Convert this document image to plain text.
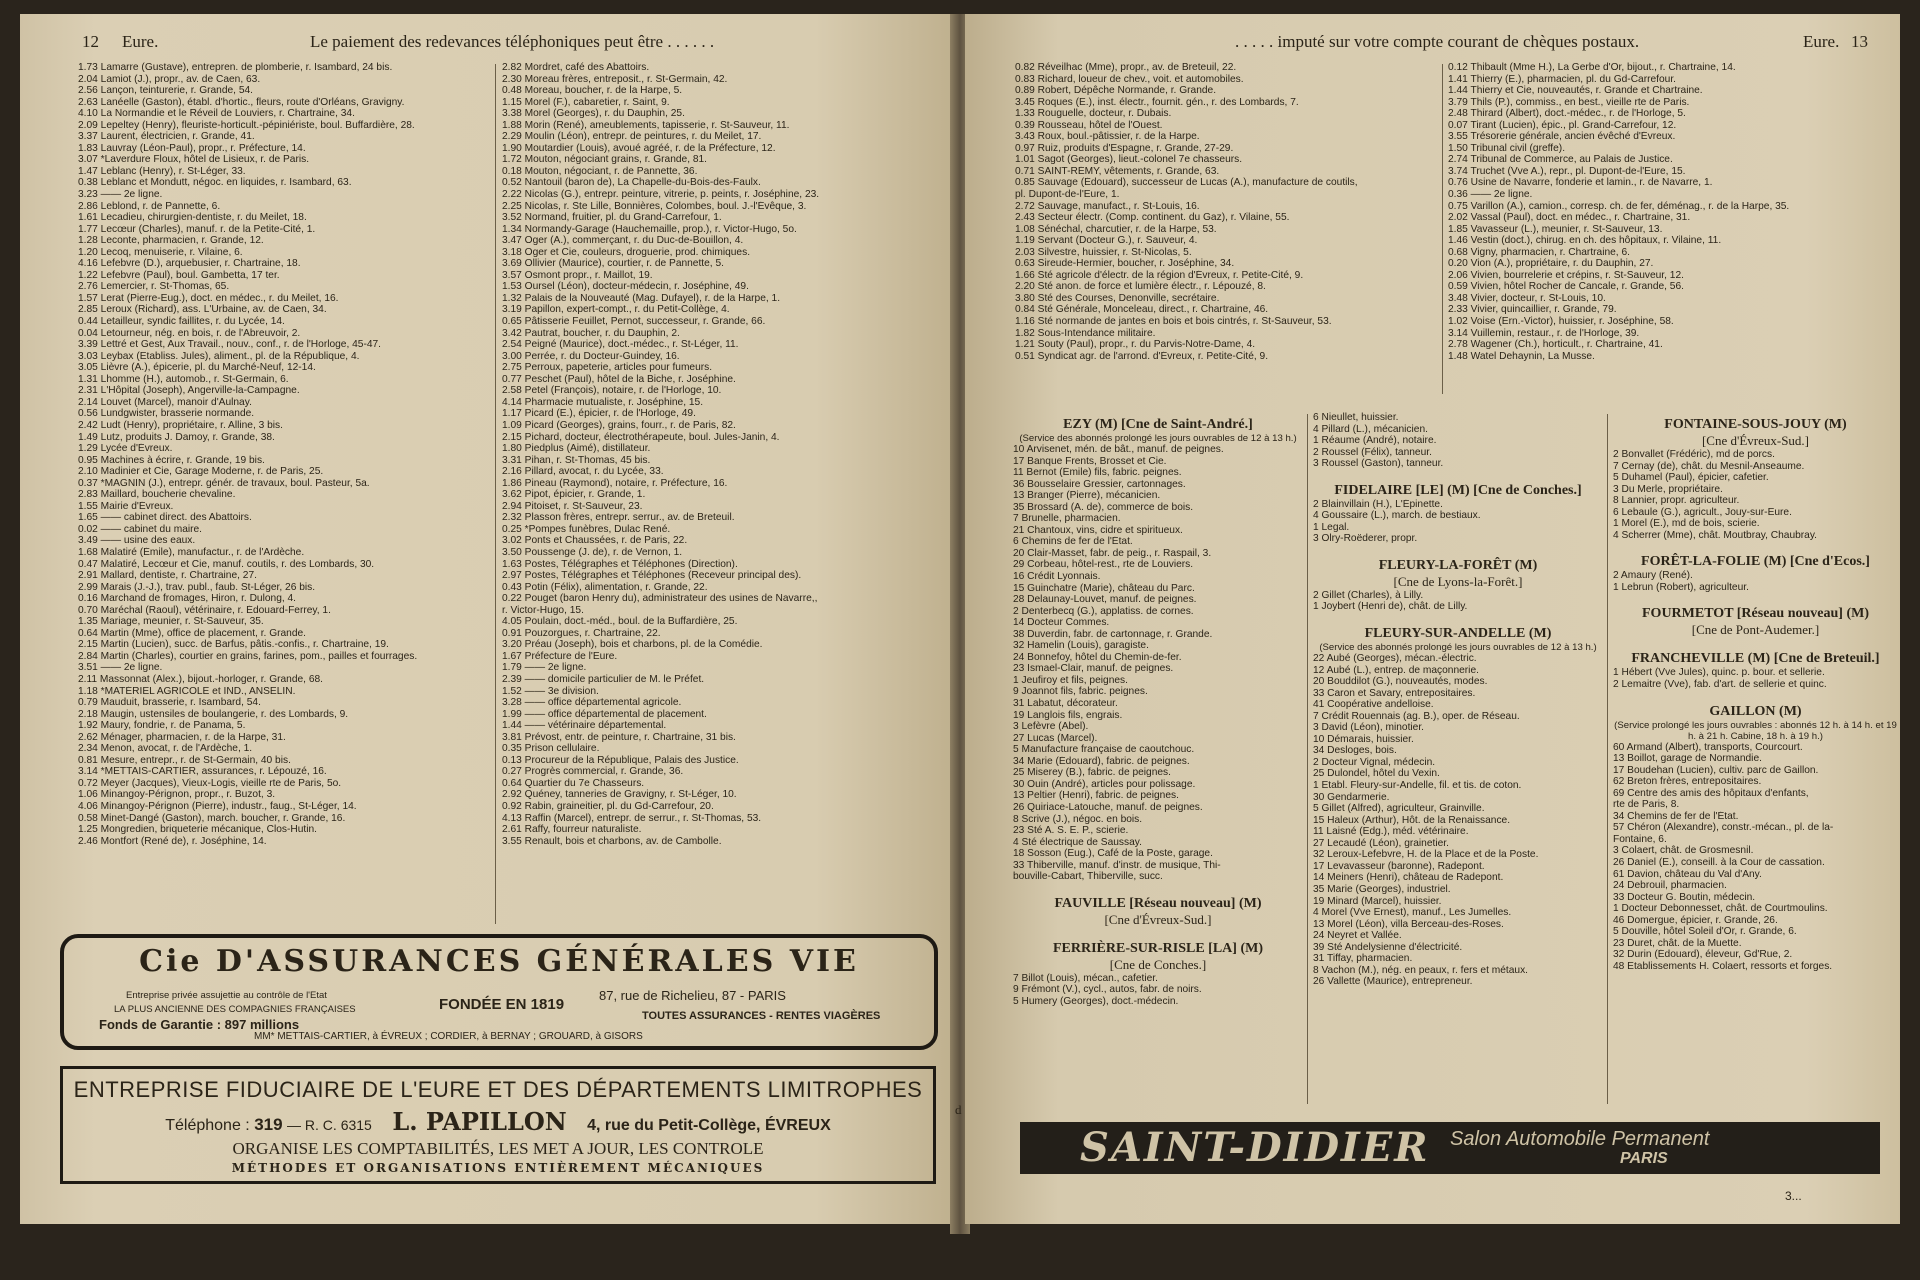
12 Eure.	Le paiement des redevances téléphoniques peut être . . . . . .
1.73 Lamarre (Gustave), entrepren. de plomberie, r. Isambard, 24 bis.
2.04 Lamiot (J.), propr., av. de Caen, 63.
2.56 Lançon, teinturerie, r. Grande, 54.
2.63 Lanéelle (Gaston), établ. d'hortic., fleurs, route d'Orléans, Gravigny.
4.10 La Normandie et le Réveil de Louviers, r. Chartraine, 34.
2.09 Lepeltey (Henry), fleuriste-horticult.-pépiniériste, boul. Buffardière, 28.
3.37 Laurent, électricien, r. Grande, 41.
1.83 Lauvray (Léon-Paul), propr., r. Préfecture, 14.
3.07 *Laverdure Floux, hôtel de Lisieux, r. de Paris.
1.47 Leblanc (Henry), r. St-Léger, 33.
0.38 Leblanc et Mondutt, négoc. en liquides, r. Isambard, 63.
3.23 —— 2e ligne.
2.86 Leblond, r. de Pannette, 6.
1.61 Lecadieu, chirurgien-dentiste, r. du Meilet, 18.
1.77 Lecœur (Charles), manuf. r. de la Petite-Cité, 1.
1.28 Leconte, pharmacien, r. Grande, 12.
1.20 Lecoq, menuiserie, r. Vilaine, 6.
4.16 Lefebvre (D.), arquebusier, r. Chartraine, 18.
1.22 Lefebvre (Paul), boul. Gambetta, 17 ter.
2.76 Lemercier, r. St-Thomas, 65.
1.57 Lerat (Pierre-Eug.), doct. en médec., r. du Meilet, 16.
2.85 Leroux (Richard), ass. L'Urbaine, av. de Caen, 34.
0.44 Letailleur, syndic faillites, r. du Lycée, 14.
0.04 Letourneur, nég. en bois, r. de l'Abreuvoir, 2.
3.39 Lettré et Gest, Aux Travail., nouv., conf., r. de l'Horloge, 45-47.
3.03 Leybax (Etabliss. Jules), aliment., pl. de la République, 4.
3.05 Lièvre (A.), épicerie, pl. du Marché-Neuf, 12-14.
1.31 Lhomme (H.), automob., r. St-Germain, 6.
2.31 L'Hôpital (Joseph), Angerville-la-Campagne.
2.14 Louvet (Marcel), manoir d'Aulnay.
0.56 Lundgwister, brasserie normande.
2.42 Ludt (Henry), propriétaire, r. Alline, 3 bis.
1.49 Lutz, produits J. Damoy, r. Grande, 38.
1.29 Lycée d'Évreux.
0.95 Machines à écrire, r. Grande, 19 bis.
2.10 Madinier et Cie, Garage Moderne, r. de Paris, 25.
0.37 *MAGNIN (J.), entrepr. génér. de travaux, boul. Pasteur, 5a.
2.83 Maillard, boucherie chevaline.
1.55 Mairie d'Évreux.
1.65 —— cabinet direct. des Abattoirs.
0.02 —— cabinet du maire.
3.49 —— usine des eaux.
1.68 Malatiré (Émile), manufactur., r. de l'Ardèche.
0.47 Malatiré, Lecœur et Cie, manuf. coutils, r. des Lombards, 30.
2.91 Mallard, dentiste, r. Chartraine, 27.
2.99 Marais (J.-J.), trav. publ., faub. St-Léger, 26 bis.
0.16 Marchand de fromages, Hiron, r. Dulong, 4.
0.70 Maréchal (Raoul), vétérinaire, r. Édouard-Ferrey, 1.
1.35 Mariage, meunier, r. St-Sauveur, 35.
0.64 Martin (Mme), office de placement, r. Grande.
2.15 Martin (Lucien), succ. de Barfus, pâtis.-confis., r. Chartraine, 19.
2.84 Martin (Charles), courtier en grains, farines, pom., pailles et fourrages.
3.51 —— 2e ligne.
2.11 Massonnat (Alex.), bijout.-horloger, r. Grande, 68.
1.18 *MATÉRIEL AGRICOLE et IND., ANSELIN.
0.79 Mauduit, brasserie, r. Isambard, 54.
2.18 Maugin, ustensiles de boulangerie, r. des Lombards, 9.
1.92 Maury, fondrie, r. de Panama, 5.
2.62 Ménager, pharmacien, r. de la Harpe, 31.
2.34 Menon, avocat, r. de l'Ardèche, 1.
0.81 Mesure, entrepr., r. de St-Germain, 40 bis.
3.14 *METTAIS-CARTIER, assurances, r. Lépouzé, 16.
0.72 Meyer (Jacques), Vieux-Logis, vieille rte de Paris, 5o.
1.06 Minangoy-Pérignon, propr., r. Buzot, 3.
4.06 Minangoy-Pérignon (Pierre), industr., faug., St-Léger, 14.
0.58 Minet-Dangé (Gaston), march. boucher, r. Grande, 16.
1.25 Mongredien, briqueterie mécanique, Clos-Hutin.
2.46 Montfort (René de), r. Joséphine, 14.
2.82 Mordret, café des Abattoirs.
2.30 Moreau frères, entreposit., r. St-Germain, 42.
0.48 Moreau, boucher, r. de la Harpe, 5.
1.15 Morel (F.), cabaretier, r. Saint, 9.
3.38 Morel (Georges), r. du Dauphin, 25.
1.88 Morin (René), ameublements, tapisserie, r. St-Sauveur, 11.
2.29 Moulin (Léon), entrepr. de peintures, r. du Meilet, 17.
1.90 Moutardier (Louis), avoué agréé, r. de la Préfecture, 12.
1.72 Mouton, négociant grains, r. Grande, 81.
0.18 Mouton, négociant, r. de Pannette, 36.
0.52 Nantouil (baron de), La Chapelle-du-Bois-des-Faulx.
2.22 Nicolas (G.), entrepr. peinture, vitrerie, p. peints, r. Joséphine, 23.
2.25 Nicolas, r. Ste Lille, Bonnières, Colombes, boul. J.-l'Évêque, 3.
3.52 Normand, fruitier, pl. du Grand-Carrefour, 1.
1.34 Normandy-Garage (Hauchemaille, prop.), r. Victor-Hugo, 5o.
3.47 Oger (A.), commerçant, r. du Duc-de-Bouillon, 4.
3.18 Oger et Cie, couleurs, droguerie, prod. chimiques.
3.69 Ollivier (Maurice), courtier, r. de Pannette, 5.
3.57 Osmont propr., r. Maillot, 19.
1.53 Oursel (Léon), docteur-médecin, r. Joséphine, 49.
1.32 Palais de la Nouveauté (Mag. Dufayel), r. de la Harpe, 1.
3.19 Papillon, expert-compt., r. du Petit-Collège, 4.
0.65 Pâtisserie Feuillet, Pernot, successeur, r. Grande, 66.
3.42 Pautrat, boucher, r. du Dauphin, 2.
2.54 Peigné (Maurice), doct.-médec., r. St-Léger, 11.
3.00 Perrée, r. du Docteur-Guindey, 16.
2.75 Perroux, papeterie, articles pour fumeurs.
0.77 Peschet (Paul), hôtel de la Biche, r. Joséphine.
2.58 Petel (François), notaire, r. de l'Horloge, 10.
4.14 Pharmacie mutualiste, r. Joséphine, 15.
1.17 Picard (E.), épicier, r. de l'Horloge, 49.
1.09 Picard (Georges), grains, fourr., r. de Paris, 82.
2.15 Pichard, docteur, électrothérapeute, boul. Jules-Janin, 4.
1.80 Piedplus (Aimé), distillateur.
3.31 Pihan, r. St-Thomas, 45 bis.
2.16 Pillard, avocat, r. du Lycée, 33.
1.86 Pineau (Raymond), notaire, r. Préfecture, 16.
3.62 Pipot, épicier, r. Grande, 1.
2.94 Pitoiset, r. St-Sauveur, 23.
2.32 Plasson frères, entrepr. serrur., av. de Breteuil.
0.25 *Pompes funèbres, Dulac René.
3.02 Ponts et Chaussées, r. de Paris, 22.
3.50 Poussenge (J. de), r. de Vernon, 1.
1.63 Postes, Télégraphes et Téléphones (Direction).
2.97 Postes, Télégraphes et Téléphones (Receveur principal des).
0.43 Potin (Félix), alimentation, r. Grande, 22.
0.22 Pouget (baron Henry du), administrateur des usines de Navarre,,
r. Victor-Hugo, 15.
4.05 Poulain, doct.-méd., boul. de la Buffardière, 25.
0.91 Pouzorgues, r. Chartraine, 22.
3.20 Préau (Joseph), bois et charbons, pl. de la Comédie.
1.67 Préfecture de l'Eure.
1.79 —— 2e ligne.
2.39 —— domicile particulier de M. le Préfet.
1.52 —— 3e division.
3.28 —— office départemental agricole.
1.99 —— office départemental de placement.
1.44 —— vétérinaire départemental.
3.81 Prévost, entr. de peinture, r. Chartraine, 31 bis.
0.35 Prison cellulaire.
0.13 Procureur de la République, Palais des Justice.
0.27 Progrès commercial, r. Grande, 36.
0.64 Quartier du 7e Chasseurs.
2.92 Quéney, tanneries de Gravigny, r. St-Léger, 10.
0.92 Rabin, graineitier, pl. du Gd-Carrefour, 20.
4.13 Raffin (Marcel), entrepr. de serrur., r. St-Thomas, 53.
2.61 Raffy, fourreur naturaliste.
3.55 Renault, bois et charbons, av. de Cambolle.
Cie D'ASSURANCES GÉNÉRALES VIE
Entreprise privée assujettie au contrôle de l'Etat
LA PLUS ANCIENNE DES COMPAGNIES FRANÇAISES
Fonds de Garantie : 897 millions
FONDÉE EN 1819
87, rue de Richelieu, 87 - PARIS
TOUTES ASSURANCES - RENTES VIAGÈRES
MM* METTAIS-CARTIER, à ÉVREUX ; CORDIER, à BERNAY ; GROUARD, à GISORS
ENTREPRISE FIDUCIAIRE DE L'EURE ET DES DÉPARTEMENTS LIMITROPHES
Téléphone : 319 — R. C. 6315 L. PAPILLON 4, rue du Petit-Collège, ÉVREUX
ORGANISE LES COMPTABILITÉS, LES MET A JOUR, LES CONTROLE
MÉTHODES ET ORGANISATIONS ENTIÈREMENT MÉCANIQUES
d
. . . . . imputé sur votre compte courant de chèques postaux.	Eure. 13
0.82 Réveilhac (Mme), propr., av. de Breteuil, 22.
0.83 Richard, loueur de chev., voit. et automobiles.
0.89 Robert, Dépêche Normande, r. Grande.
3.45 Roques (E.), inst. électr., fournit. gén., r. des Lombards, 7.
1.33 Rouguelle, docteur, r. Dubais.
0.39 Rousseau, hôtel de l'Ouest.
3.43 Roux, boul.-pâtissier, r. de la Harpe.
0.97 Ruiz, produits d'Espagne, r. Grande, 27-29.
1.01 Sagot (Georges), lieut.-colonel 7e chasseurs.
0.71 SAINT-RÉMY, vêtements, r. Grande, 63.
0.85 Sauvage (Édouard), successeur de Lucas (A.), manufacture de coutils,
pl. Dupont-de-l'Eure, 1.
2.72 Sauvage, manufact., r. St-Louis, 16.
2.43 Secteur électr. (Comp. continent. du Gaz), r. Vilaine, 55.
1.08 Sénéchal, charcutier, r. de la Harpe, 53.
1.19 Servant (Docteur G.), r. Sauveur, 4.
2.03 Silvestre, huissier, r. St-Nicolas, 5.
0.63 Sireude-Hermier, boucher, r. Joséphine, 34.
1.66 Sté agricole d'électr. de la région d'Évreux, r. Petite-Cité, 9.
2.20 Sté anon. de force et lumière électr., r. Lépouzé, 8.
3.80 Sté des Courses, Denonville, secrétaire.
0.84 Sté Générale, Monceleau, direct., r. Chartraine, 46.
1.16 Sté normande de jantes en bois et bois cintrés, r. St-Sauveur, 53.
1.82 Sous-Intendance militaire.
1.21 Souty (Paul), propr., r. du Parvis-Notre-Dame, 4.
0.51 Syndicat agr. de l'arrond. d'Évreux, r. Petite-Cité, 9.
0.12 Thibault (Mme H.), La Gerbe d'Or, bijout., r. Chartraine, 14.
1.41 Thierry (E.), pharmacien, pl. du Gd-Carrefour.
1.44 Thierry et Cie, nouveautés, r. Grande et Chartraine.
3.79 Thils (P.), commiss., en best., vieille rte de Paris.
2.48 Thirard (Albert), doct.-médec., r. de l'Horloge, 5.
0.07 Tirant (Lucien), épic., pl. Grand-Carrefour, 12.
3.55 Trésorerie générale, ancien évêché d'Évreux.
1.50 Tribunal civil (greffe).
2.74 Tribunal de Commerce, au Palais de Justice.
3.74 Truchet (Vve A.), repr., pl. Dupont-de-l'Eure, 15.
0.76 Usine de Navarre, fonderie et lamin., r. de Navarre, 1.
0.36 —— 2e ligne.
0.75 Varillon (A.), camion., corresp. ch. de fer, déménag., r. de la Harpe, 35.
2.02 Vassal (Paul), doct. en médec., r. Chartraine, 31.
1.85 Vavasseur (L.), meunier, r. St-Sauveur, 13.
1.46 Vestin (doct.), chirug. en ch. des hôpitaux, r. Vilaine, 11.
0.68 Vigny, pharmacien, r. Chartraine, 6.
0.20 Vion (A.), propriétaire, r. du Dauphin, 27.
2.06 Vivien, bourrelerie et crépins, r. St-Sauveur, 12.
0.59 Vivien, hôtel Rocher de Cancale, r. Grande, 56.
3.48 Vivier, docteur, r. St-Louis, 10.
2.33 Vivier, quincaillier, r. Grande, 79.
1.02 Voise (Ern.-Victor), huissier, r. Joséphine, 58.
3.14 Vuillemin, restaur., r. de l'Horloge, 39.
2.78 Wagener (Ch.), horticult., r. Chartraine, 41.
1.48 Watel Dehaynin, La Musse.
EZY (M) [Cne de Saint-André.]
(Service des abonnés prolongé les jours ouvrables de 12 à 13 h.)
10 Arvisenet, mén. de bât., manuf. de peignes.
17 Banque Frents, Brosset et Cie.
11 Bernot (Émile) fils, fabric. peignes.
36 Bousselaire Gressier, cartonnages.
13 Branger (Pierre), mécanicien.
35 Brossard (A. de), commerce de bois.
7 Brunelle, pharmacien.
21 Chantoux, vins, cidre et spiritueux.
6 Chemins de fer de l'État.
20 Clair-Masset, fabr. de peig., r. Raspail, 3.
29 Corbeau, hôtel-rest., rte de Louviers.
16 Crédit Lyonnais.
15 Guinchatre (Marie), château du Parc.
28 Delaunay-Louvet, manuf. de peignes.
2 Denterbecq (G.), applatiss. de cornes.
14 Docteur Commes.
38 Duverdin, fabr. de cartonnage, r. Grande.
32 Hamelin (Louis), garagiste.
24 Bonnefoy, hôtel du Chemin-de-fer.
23 Ismael-Clair, manuf. de peignes.
1 Jeufiroy et fils, peignes.
9 Joannot fils, fabric. peignes.
31 Labatut, décorateur.
19 Langlois fils, engrais.
3 Lefèvre (Abel).
27 Lucas (Marcel).
5 Manufacture française de caoutchouc.
34 Marie (Édouard), fabric. de peignes.
25 Miserey (B.), fabric. de peignes.
30 Ouin (André), articles pour polissage.
13 Peltier (Henri), fabric. de peignes.
26 Quiriace-Latouche, manuf. de peignes.
8 Scrive (J.), négoc. en bois.
23 Sté A. S. E. P., scierie.
4 Sté électrique de Saussay.
18 Sosson (Eug.), Café de la Poste, garage.
33 Thiberville, manuf. d'instr. de musique, Thi-
bouville-Cabart, Thiberville, succ.
FAUVILLE [Réseau nouveau] (M)
[Cne d'Évreux-Sud.]
FERRIÈRE-SUR-RISLE [LA] (M)
[Cne de Conches.]
7 Billot (Louis), mécan., cafetier.
9 Frémont (V.), cycl., autos, fabr. de noirs.
5 Humery (Georges), doct.-médecin.
6 Nieullet, huissier.
4 Pillard (L.), mécanicien.
1 Réaume (André), notaire.
2 Roussel (Félix), tanneur.
3 Roussel (Gaston), tanneur.
FIDELAIRE [LE] (M) [Cne de Conches.]
2 Blainvillain (H.), L'Épinette.
4 Goussaire (L.), march. de bestiaux.
1 Legal.
3 Olry-Roëderer, propr.
FLEURY-LA-FORÊT (M)
[Cne de Lyons-la-Forêt.]
2 Gillet (Charles), à Lilly.
1 Joybert (Henri de), chât. de Lilly.
FLEURY-SUR-ANDELLE (M)
(Service des abonnés prolongé les jours ouvrables de 12 à 13 h.)
22 Aubé (Georges), mécan.-électric.
12 Aubé (L.), entrep. de maçonnerie.
20 Bouddilot (G.), nouveautés, modes.
33 Caron et Savary, entrepositaires.
41 Coopérative andelloise.
7 Crédit Rouennais (ag. B.), oper. de Réseau.
3 David (Léon), minotier.
10 Démarais, huissier.
34 Desloges, bois.
2 Docteur Vignal, médecin.
25 Dulondel, hôtel du Vexin.
1 Etabl. Fleury-sur-Andelle, fil. et tis. de coton.
30 Gendarmerie.
5 Gillet (Alfred), agriculteur, Grainville.
15 Haleux (Arthur), Hôt. de la Renaissance.
11 Laisné (Edg.), méd. vétérinaire.
27 Lecaudé (Léon), grainetier.
32 Leroux-Lefebvre, H. de la Place et de la Poste.
17 Levavasseur (baronne), Radepont.
14 Meiners (Henri), château de Radepont.
35 Marie (Georges), industriel.
19 Minard (Marcel), huissier.
4 Morel (Vve Ernest), manuf., Les Jumelles.
13 Morel (Léon), villa Berceau-des-Roses.
24 Neyret et Vallée.
39 Sté Andelysienne d'électricité.
31 Tiffay, pharmacien.
8 Vachon (M.), nég. en peaux, r. fers et métaux.
26 Vallette (Maurice), entrepreneur.
FONTAINE-SOUS-JOUY (M)
[Cne d'Évreux-Sud.]
2 Bonvallet (Frédéric), md de porcs.
7 Cernay (de), chât. du Mesnil-Anseaume.
5 Duhamel (Paul), épicier, cafetier.
3 Du Merle, propriétaire.
8 Lannier, propr. agriculteur.
6 Lebaule (G.), agricult., Jouy-sur-Eure.
1 Morel (E.), md de bois, scierie.
4 Scherrer (Mme), chât. Moutbray, Chaubray.
FORÊT-LA-FOLIE (M) [Cne d'Ecos.]
2 Amaury (René).
1 Lebrun (Robert), agriculteur.
FOURMETOT [Réseau nouveau] (M)
[Cne de Pont-Audemer.]
FRANCHEVILLE (M) [Cne de Breteuil.]
1 Hébert (Vve Jules), quinc. p. bour. et sellerie.
2 Lemaitre (Vve), fab. d'art. de sellerie et quinc.
GAILLON (M)
(Service prolongé les jours ouvrables : abonnés 12 h. à 14 h. et 19 h. à 21 h. Cabine, 18 h. à 19 h.)
60 Armand (Albert), transports, Courcourt.
13 Boillot, garage de Normandie.
17 Boudehan (Lucien), cultiv. parc de Gaillon.
62 Breton frères, entrepositaires.
69 Centre des amis des hôpitaux d'enfants,
rte de Paris, 8.
34 Chemins de fer de l'État.
57 Chéron (Alexandre), constr.-mécan., pl. de la-
Fontaine, 6.
3 Colaert, chât. de Grosmesnil.
26 Daniel (E.), conseill. à la Cour de cassation.
61 Davion, château du Val d'Any.
24 Debrouil, pharmacien.
33 Docteur G. Boutin, médecin.
1 Docteur Debonnesset, chât. de Courtmoulins.
46 Domergue, épicier, r. Grande, 26.
5 Douville, hôtel Soleil d'Or, r. Grande, 6.
23 Duret, chât. de la Muette.
32 Durin (Édouard), éleveur, Gd'Rue, 2.
48 Etablissements H. Colaert, ressorts et forges.
3...
SAINT-DIDIER Salon Automobile Permanent
PARIS
